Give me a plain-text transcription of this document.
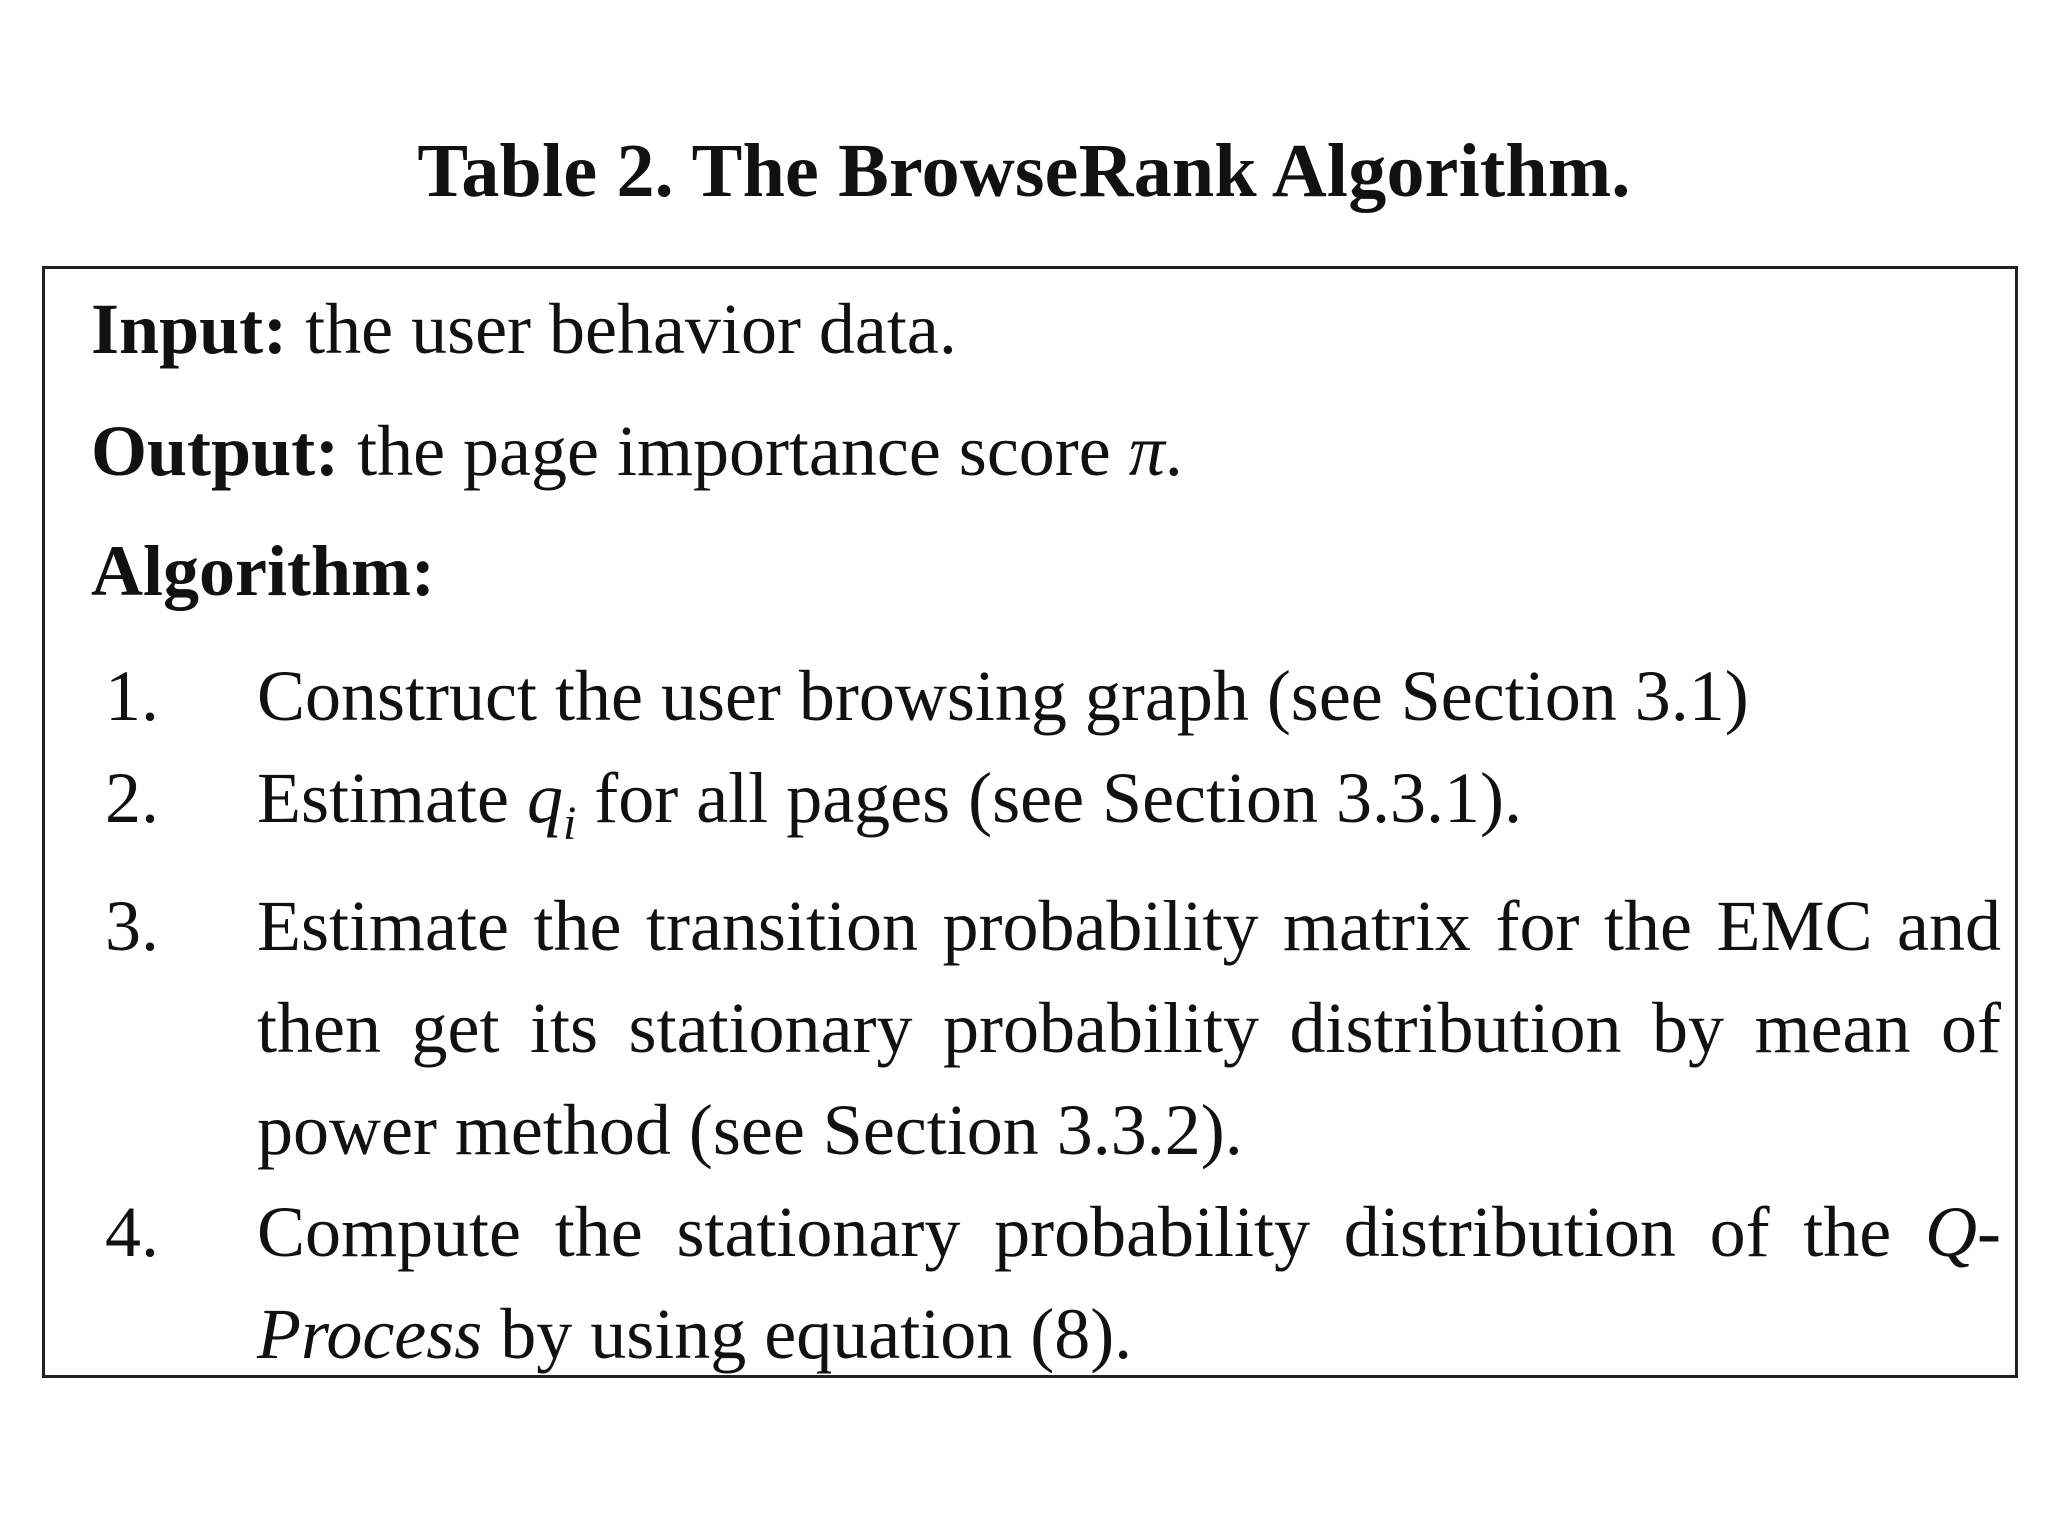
Table 2. The BrowseRank Algorithm.
Input: the user behavior data.
Output: the page importance score π.
Algorithm:
1.	Construct the user browsing graph (see Section 3.1)
2.	Estimate $q_i$ for all pages (see Section 3.3.1).
3.	Estimate the transition probability matrix for the EMC and then get its stationary probability distribution by mean of power method (see Section 3.3.2).
4.	Compute the stationary probability distribution of the Q-Process by using equation (8).
